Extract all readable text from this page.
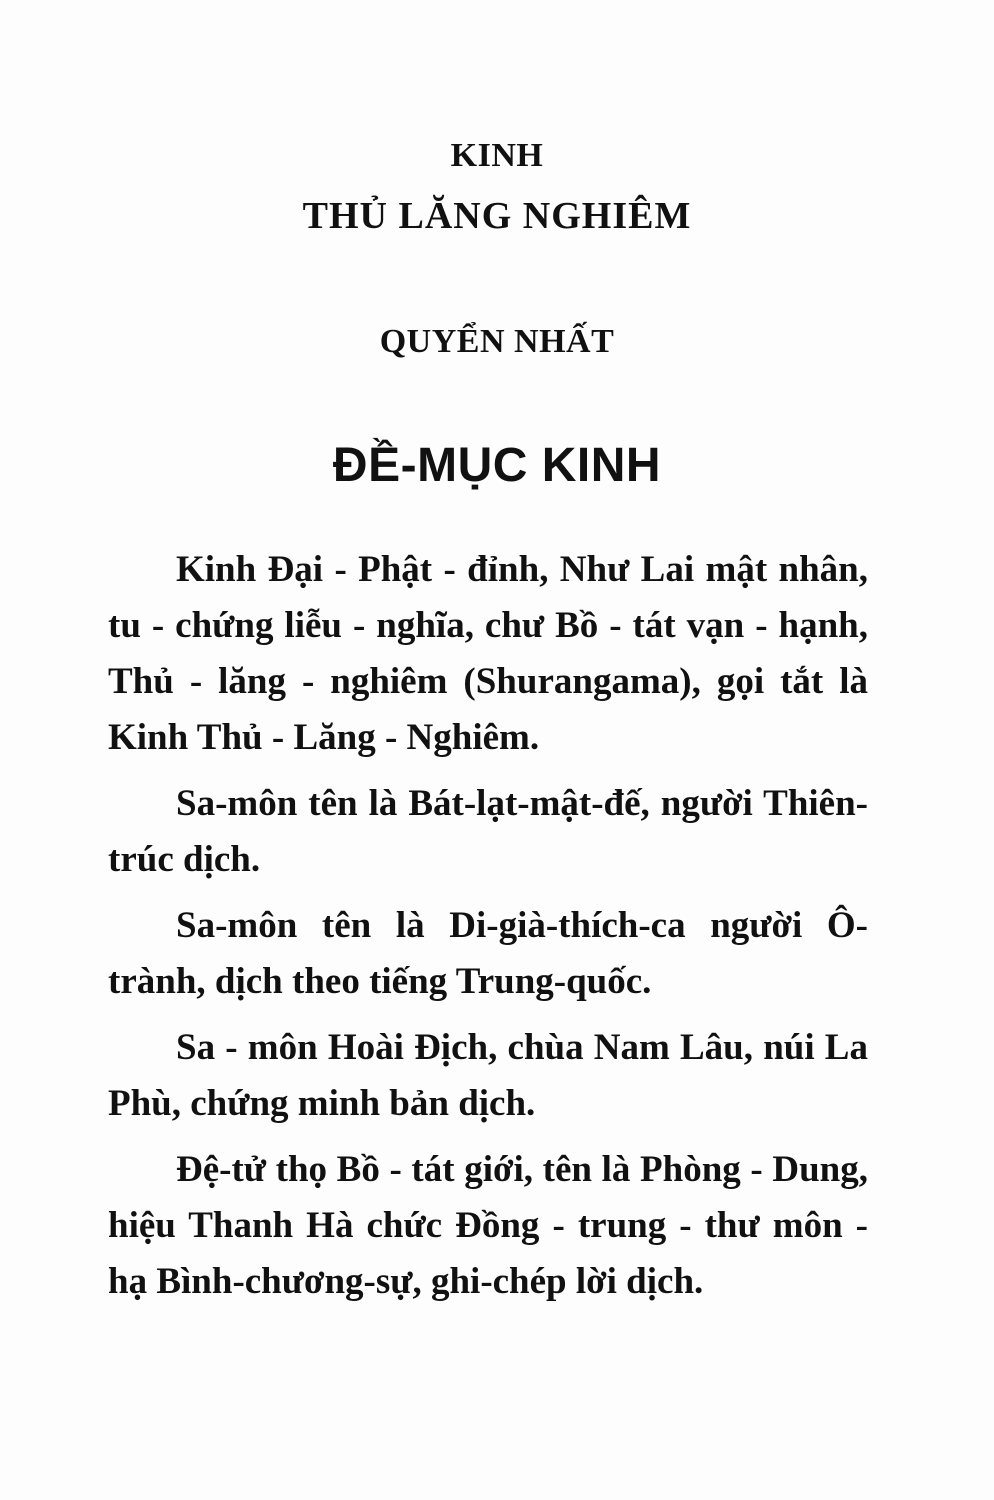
KINH
THỦ LĂNG NGHIÊM
QUYỂN NHẤT
ĐỀ-MỤC KINH

Kinh Đại - Phật - đỉnh, Như Lai mật nhân, tu - chứng liễu - nghĩa, chư Bồ - tát vạn - hạnh, Thủ - lăng - nghiêm (Shurangama), gọi tắt là Kinh Thủ - Lăng - Nghiêm.

Sa-môn tên là Bát-lạt-mật-đế, người Thiên-trúc dịch.

Sa-môn tên là Di-già-thích-ca người Ô-trành, dịch theo tiếng Trung-quốc.

Sa - môn Hoài Địch, chùa Nam Lâu, núi La Phù, chứng minh bản dịch.

Đệ-tử thọ Bồ - tát giới, tên là Phòng - Dung, hiệu Thanh Hà chức Đồng - trung - thư môn - hạ Bình-chương-sự, ghi-chép lời dịch.
